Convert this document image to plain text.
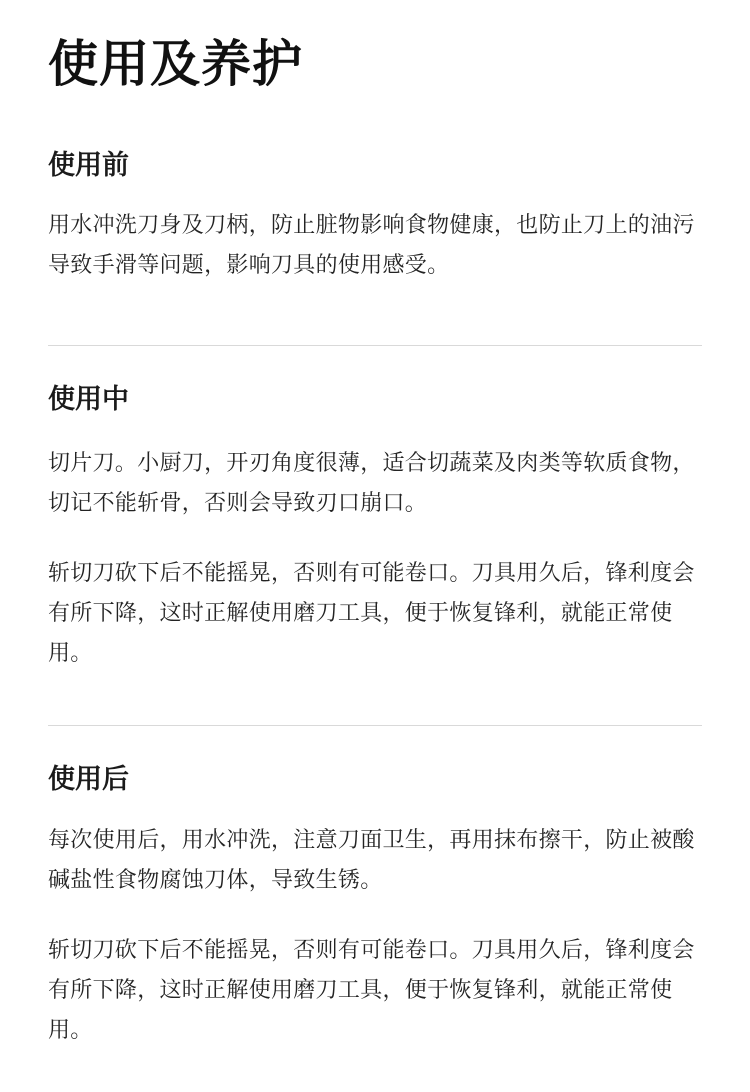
使用及养护
使用前

用水冲洗刀身及刀柄，防止脏物影响食物健康，也防止刀上的油污导致手滑等问题，影响刀具的使用感受。

使用中

切片刀。小厨刀，开刃角度很薄，适合切蔬菜及肉类等软质食物，切记不能斩骨，否则会导致刃口崩口。

斩切刀砍下后不能摇晃，否则有可能卷口。刀具用久后，锋利度会有所下降，这时正解使用磨刀工具，便于恢复锋利，就能正常使用。

使用后

每次使用后，用水冲洗，注意刀面卫生，再用抹布擦干，防止被酸碱盐性食物腐蚀刀体，导致生锈。

斩切刀砍下后不能摇晃，否则有可能卷口。刀具用久后，锋利度会有所下降，这时正解使用磨刀工具，便于恢复锋利，就能正常使用。
